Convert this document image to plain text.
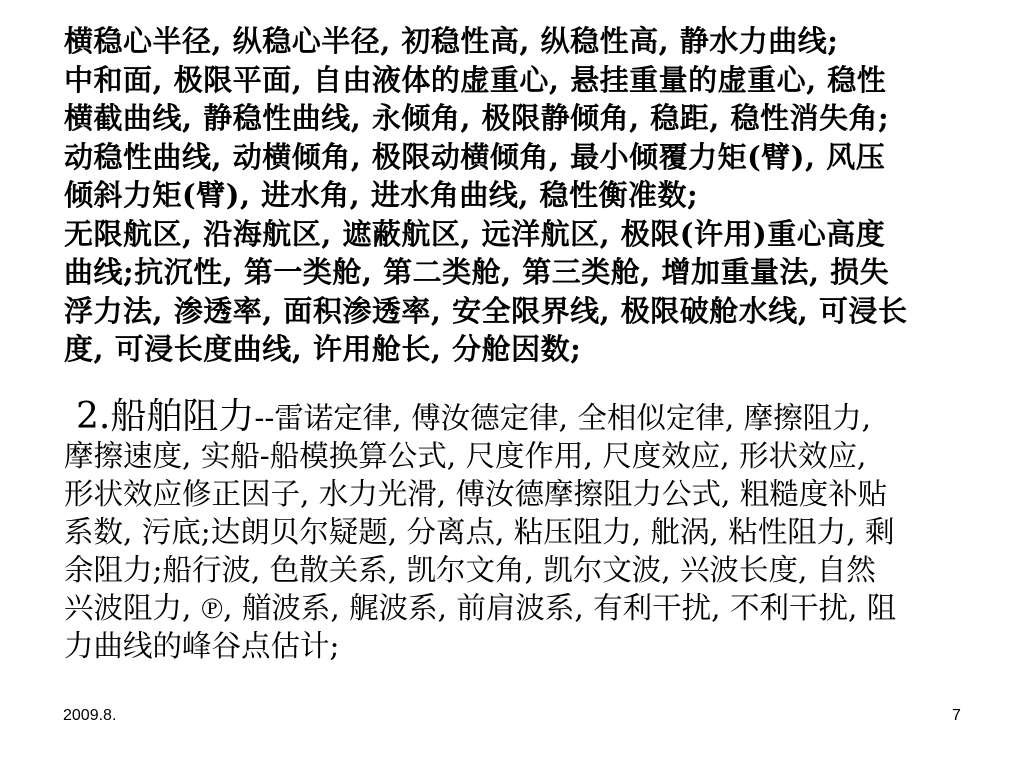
横稳心半径, 纵稳心半径, 初稳性高, 纵稳性高, 静水力曲线;
中和面, 极限平面, 自由液体的虚重心, 悬挂重量的虚重心, 稳性
横截曲线, 静稳性曲线, 永倾角, 极限静倾角, 稳距, 稳性消失角;
动稳性曲线, 动横倾角, 极限动横倾角, 最小倾覆力矩(臂), 风压
倾斜力矩(臂), 进水角, 进水角曲线, 稳性衡准数;
无限航区, 沿海航区, 遮蔽航区, 远洋航区, 极限(许用)重心高度
曲线;抗沉性, 第一类舱, 第二类舱, 第三类舱, 增加重量法, 损失
浮力法, 渗透率, 面积渗透率, 安全限界线, 极限破舱水线, 可浸长
度, 可浸长度曲线, 许用舱长, 分舱因数;
2.船舶阻力--雷诺定律, 傅汝德定律, 全相似定律, 摩擦阻力,
摩擦速度, 实船-船模换算公式, 尺度作用, 尺度效应, 形状效应,
形状效应修正因子, 水力光滑, 傅汝德摩擦阻力公式, 粗糙度补贴
系数, 污底;达朗贝尔疑题, 分离点, 粘压阻力, 舭涡, 粘性阻力, 剩
余阻力;船行波, 色散关系, 凯尔文角, 凯尔文波, 兴波长度, 自然
兴波阻力, ℗, 艏波系, 艉波系, 前肩波系, 有利干扰, 不利干扰, 阻
力曲线的峰谷点估计;
2009.8.	7
